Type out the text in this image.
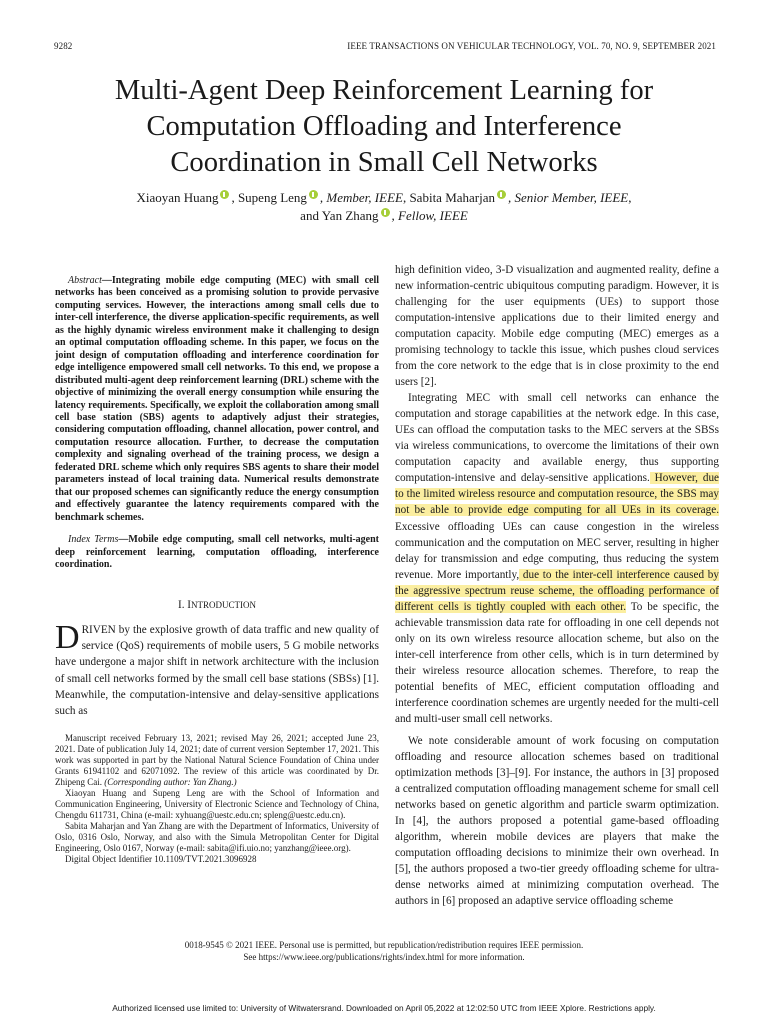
9282	IEEE TRANSACTIONS ON VEHICULAR TECHNOLOGY, VOL. 70, NO. 9, SEPTEMBER 2021
Multi-Agent Deep Reinforcement Learning for
Computation Offloading and Interference
Coordination in Small Cell Networks
Xiaoyan Huang , Supeng Leng , Member, IEEE, Sabita Maharjan , Senior Member, IEEE,
and Yan Zhang , Fellow, IEEE

Abstract—Integrating mobile edge computing (MEC) with small cell networks has been conceived as a promising solution to provide pervasive computing services. However, the interactions among small cells due to inter-cell interference, the diverse application-specific requirements, as well as the highly dynamic wireless environment make it challenging to design an optimal computation offloading scheme. In this paper, we focus on the joint design of computation offloading and interference coordination for edge intelligence empowered small cell networks. To this end, we propose a distributed multi-agent deep reinforcement learning (DRL) scheme with the objective of minimizing the overall energy consumption while ensuring the latency requirements. Specifically, we exploit the collaboration among small cell base station (SBS) agents to adaptively adjust their strategies, considering computation offloading, channel allocation, power control, and computation resource allocation. Further, to decrease the computation complexity and signaling overhead of the training process, we design a federated DRL scheme which only requires SBS agents to share their model parameters instead of local training data. Numerical results demonstrate that our proposed schemes can significantly reduce the energy consumption and effectively guarantee the latency requirements compared with the benchmark schemes.

Index Terms—Mobile edge computing, small cell networks, multi-agent deep reinforcement learning, computation offloading, interference coordination.

I. INTRODUCTION

DRIVEN by the explosive growth of data traffic and new quality of service (QoS) requirements of mobile users, 5 G mobile networks have undergone a major shift in network architecture with the inclusion of small cell networks formed by the small cell base stations (SBSs) [1]. Meanwhile, the computation-intensive and delay-sensitive applications such as

Manuscript received February 13, 2021; revised May 26, 2021; accepted June 23, 2021. Date of publication July 14, 2021; date of current version September 17, 2021. This work was supported in part by the National Natural Science Foundation of China under Grants 61941102 and 62071092. The review of this article was coordinated by Dr. Zhipeng Cai. (Corresponding author: Yan Zhang.)

Xiaoyan Huang and Supeng Leng are with the School of Information and Communication Engineering, University of Electronic Science and Technology of China, Chengdu 611731, China (e-mail: xyhuang@uestc.edu.cn; spleng@uestc.edu.cn).

Sabita Maharjan and Yan Zhang are with the Department of Informatics, University of Oslo, 0316 Oslo, Norway, and also with the Simula Metropolitan Center for Digital Engineering, Oslo 0167, Norway (e-mail: sabita@ifi.uio.no; yanzhang@ieee.org).

Digital Object Identifier 10.1109/TVT.2021.3096928

high definition video, 3-D visualization and augmented reality, define a new information-centric ubiquitous computing paradigm. However, it is challenging for the user equipments (UEs) to support those computation-intensive applications due to their limited energy and computation capacity. Mobile edge computing (MEC) emerges as a promising technology to tackle this issue, which pushes cloud services from the core network to the edge that is in close proximity to the end users [2].

Integrating MEC with small cell networks can enhance the computation and storage capabilities at the network edge. In this case, UEs can offload the computation tasks to the MEC servers at the SBSs via wireless communications, to overcome the limitations of their own computation capacity and available energy, thus supporting computation-intensive and delay-sensitive applications. However, due to the limited wireless resource and computation resource, the SBS may not be able to provide edge computing for all UEs in its coverage. Excessive offloading UEs can cause congestion in the wireless communication and the computation on MEC server, resulting in higher delay for transmission and edge computing, thus reducing the system revenue. More importantly, due to the inter-cell interference caused by the aggressive spectrum reuse scheme, the offloading performance of different cells is tightly coupled with each other. To be specific, the achievable transmission data rate for offloading in one cell depends not only on its own wireless resource allocation scheme, but also on the inter-cell interference from other cells, which is in turn determined by their wireless resource allocation schemes. Therefore, to reap the potential benefits of MEC, efficient computation offloading and interference coordination schemes are urgently needed for the multi-cell and multi-user small cell networks.

We note considerable amount of work focusing on computation offloading and resource allocation schemes based on traditional optimization methods [3]–[9]. For instance, the authors in [3] proposed a centralized computation offloading management scheme for small cell networks based on genetic algorithm and particle swarm optimization. In [4], the authors proposed a potential game-based offloading algorithm, wherein mobile devices are players that make the computation offloading decisions to minimize their own overhead. In [5], the authors proposed a two-tier greedy offloading scheme for ultra-dense networks aimed at minimizing computation overhead. The authors in [6] proposed an adaptive service offloading scheme

0018-9545 © 2021 IEEE. Personal use is permitted, but republication/redistribution requires IEEE permission.
See https://www.ieee.org/publications/rights/index.html for more information.
Authorized licensed use limited to: University of Witwatersrand. Downloaded on April 05,2022 at 12:02:50 UTC from IEEE Xplore. Restrictions apply.
